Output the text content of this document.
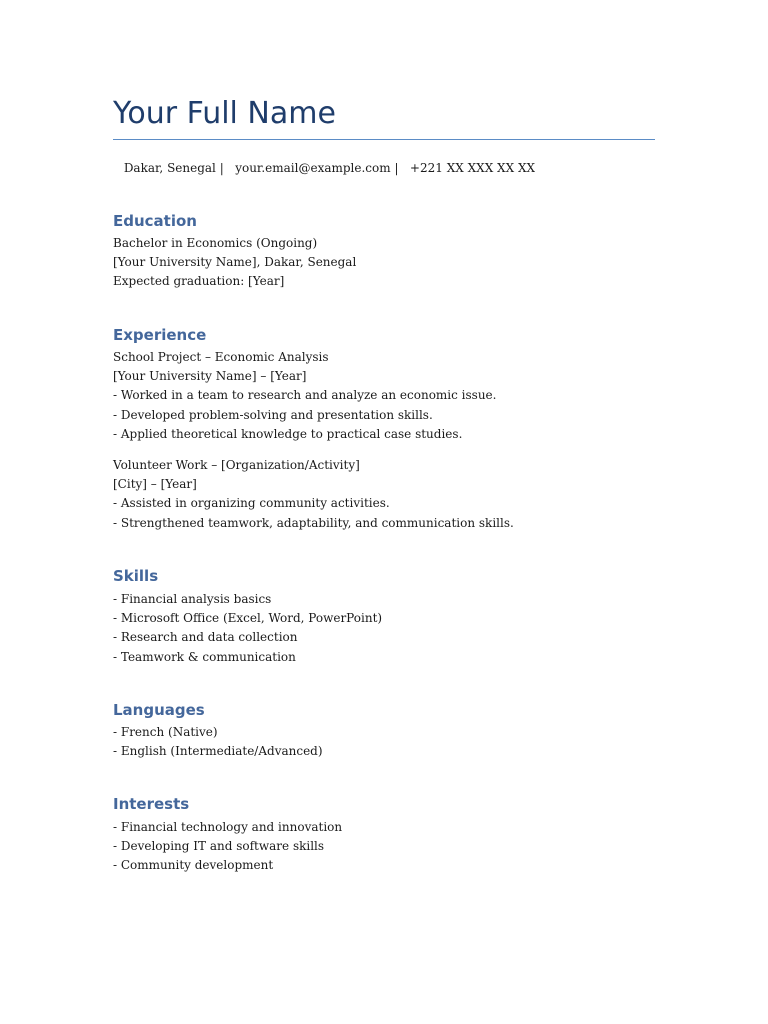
Your Full Name
Dakar, Senegal |   your.email@example.com |   +221 XX XXX XX XX
Education
Bachelor in Economics (Ongoing)
[Your University Name], Dakar, Senegal
Expected graduation: [Year]
Experience
School Project – Economic Analysis
[Your University Name] – [Year]
- Worked in a team to research and analyze an economic issue.
- Developed problem-solving and presentation skills.
- Applied theoretical knowledge to practical case studies.
Volunteer Work – [Organization/Activity]
[City] – [Year]
- Assisted in organizing community activities.
- Strengthened teamwork, adaptability, and communication skills.
Skills
- Financial analysis basics
- Microsoft Office (Excel, Word, PowerPoint)
- Research and data collection
- Teamwork & communication
Languages
- French (Native)
- English (Intermediate/Advanced)
Interests
- Financial technology and innovation
- Developing IT and software skills
- Community development
